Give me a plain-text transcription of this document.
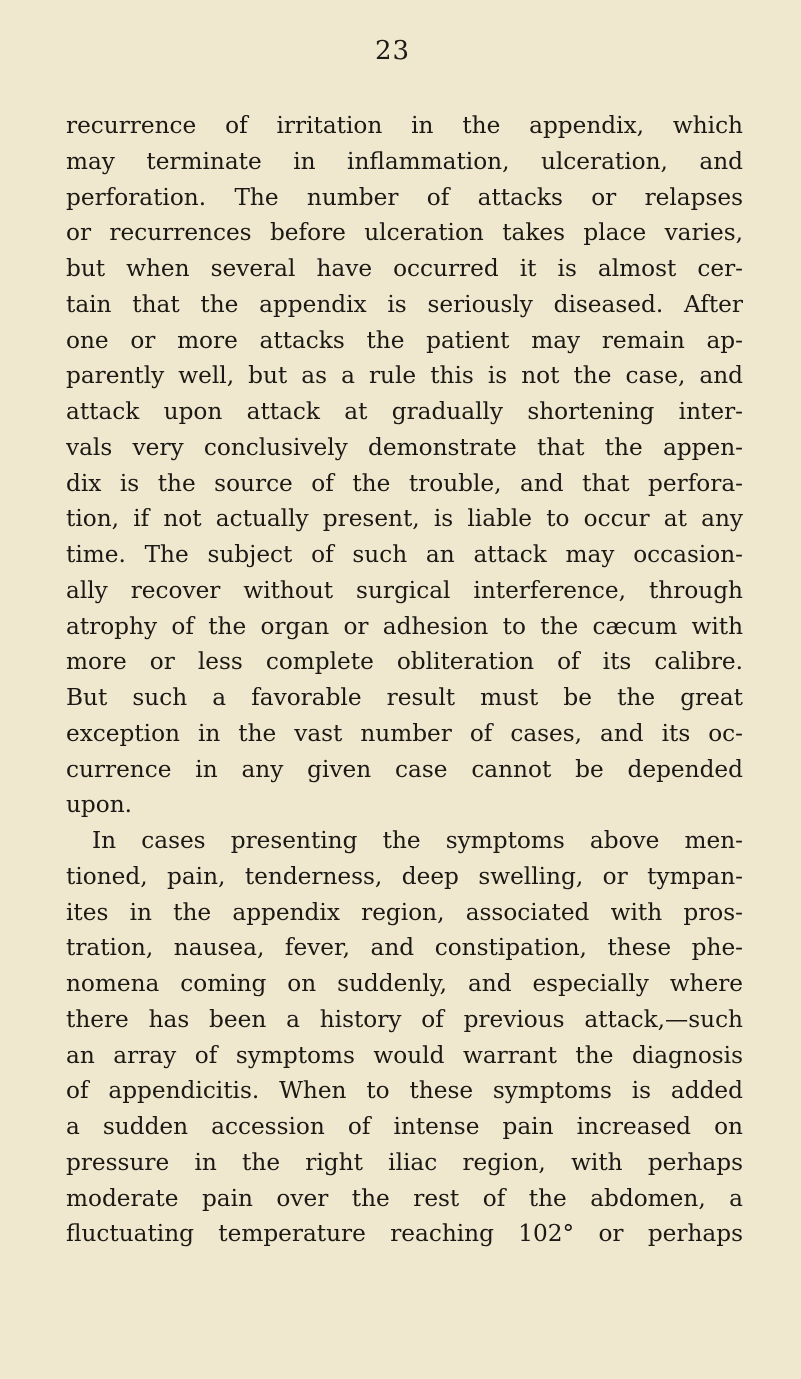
23
recurrence of irritation in the appendix, which
may terminate in inflammation, ulceration, and
perforation. The number of attacks or relapses
or recurrences before ulceration takes place varies,
but when several have occurred it is almost cer-
tain that the appendix is seriously diseased. After
one or more attacks the patient may remain ap-
parently well, but as a rule this is not the case, and
attack upon attack at gradually shortening inter-
vals very conclusively demonstrate that the appen-
dix is the source of the trouble, and that perfora-
tion, if not actually present, is liable to occur at any
time. The subject of such an attack may occasion-
ally recover without surgical interference, through
atrophy of the organ or adhesion to the cæcum with
more or less complete obliteration of its calibre.
But such a favorable result must be the great
exception in the vast number of cases, and its oc-
currence in any given case cannot be depended
upon.
In cases presenting the symptoms above men-
tioned, pain, tenderness, deep swelling, or tympan-
ites in the appendix region, associated with pros-
tration, nausea, fever, and constipation, these phe-
nomena coming on suddenly, and especially where
there has been a history of previous attack,—such
an array of symptoms would warrant the diagnosis
of appendicitis. When to these symptoms is added
a sudden accession of intense pain increased on
pressure in the right iliac region, with perhaps
moderate pain over the rest of the abdomen, a
fluctuating temperature reaching 102° or perhaps
